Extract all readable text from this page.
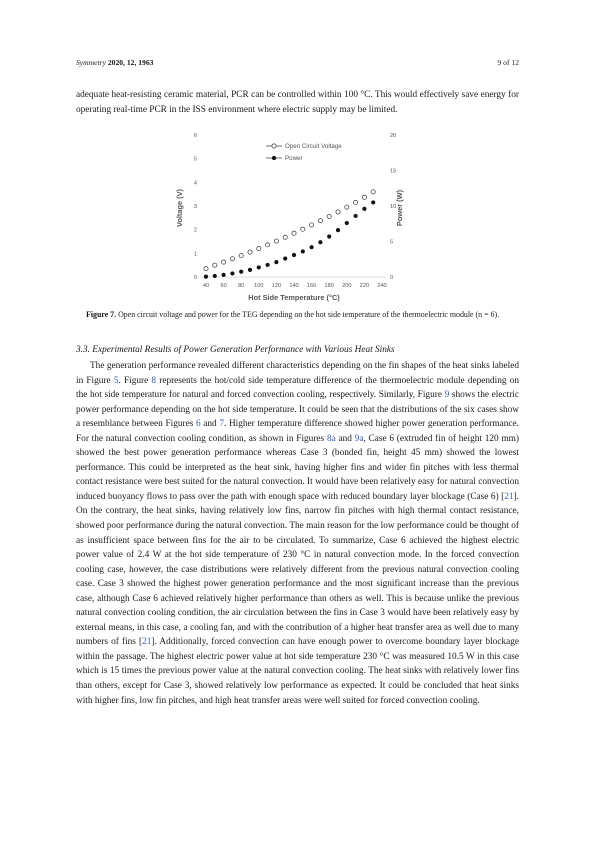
Symmetry 2020, 12, 1963	9 of 12

adequate heat-resisting ceramic material, PCR can be controlled within 100 °C. This would effectively save energy for operating real-time PCR in the ISS environment where electric supply may be limited.

40 60 80 100 120 140 160 180 200 220 240
0
1
2
3
4
5
6
0
5
10
15
20
Hot Side Temperature (°C)
Voltage (V)	Power (W)
Open Circuit Voltage
Power

Figure 7. Open circuit voltage and power for the TEG depending on the hot side temperature of the thermoelectric module (n = 6).

3.3. Experimental Results of Power Generation Performance with Various Heat Sinks

The generation performance revealed different characteristics depending on the fin shapes of the heat sinks labeled in Figure 5. Figure 8 represents the hot/cold side temperature difference of the thermoelectric module depending on the hot side temperature for natural and forced convection cooling, respectively. Similarly, Figure 9 shows the electric power performance depending on the hot side temperature. It could be seen that the distributions of the six cases show a resemblance between Figures 6 and 7. Higher temperature difference showed higher power generation performance. For the natural convection cooling condition, as shown in Figures 8a and 9a, Case 6 (extruded fin of height 120 mm) showed the best power generation performance whereas Case 3 (bonded fin, height 45 mm) showed the lowest performance. This could be interpreted as the heat sink, having higher fins and wider fin pitches with less thermal contact resistance were best suited for the natural convection. It would have been relatively easy for natural convection induced buoyancy flows to pass over the path with enough space with reduced boundary layer blockage (Case 6) [21]. On the contrary, the heat sinks, having relatively low fins, narrow fin pitches with high thermal contact resistance, showed poor performance during the natural convection. The main reason for the low performance could be thought of as insufficient space between fins for the air to be circulated. To summarize, Case 6 achieved the highest electric power value of 2.4 W at the hot side temperature of 230 °C in natural convection mode. In the forced convection cooling case, however, the case distributions were relatively different from the previous natural convection cooling case. Case 3 showed the highest power generation performance and the most significant increase than the previous case, although Case 6 achieved relatively higher performance than others as well. This is because unlike the previous natural convection cooling condition, the air circulation between the fins in Case 3 would have been relatively easy by external means, in this case, a cooling fan, and with the contribution of a higher heat transfer area as well due to many numbers of fins [21]. Additionally, forced convection can have enough power to overcome boundary layer blockage within the passage. The highest electric power value at hot side temperature 230 °C was measured 10.5 W in this case which is 15 times the previous power value at the natural convection cooling. The heat sinks with relatively lower fins than others, except for Case 3, showed relatively low performance as expected. It could be concluded that heat sinks with higher fins, low fin pitches, and high heat transfer areas were well suited for forced convection cooling.
